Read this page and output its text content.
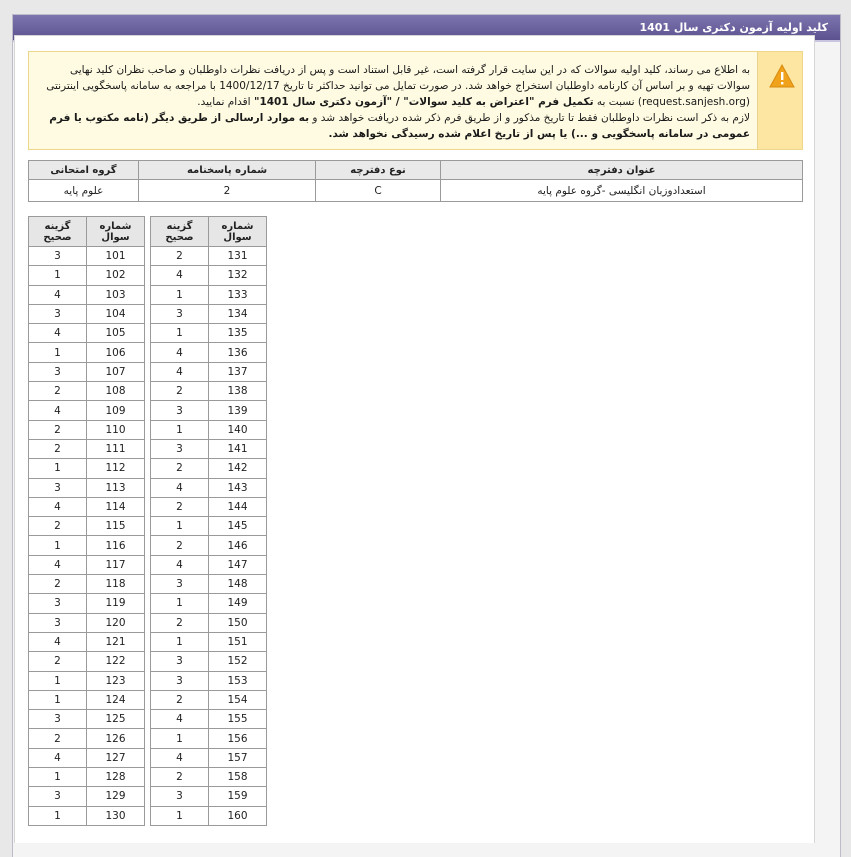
کلید اولیه آزمون دکتری سال 1401
به اطلاع می رساند، کلید اولیه سوالات که در این سایت قرار گرفته است، غیر قابل استناد است و پس از دریافت نظرات داوطلبان و صاحب نظران کلید نهایی سوالات تهیه و بر اساس آن کارنامه داوطلبان استخراج خواهد شد. در صورت تمایل می توانید حداکثر تا تاریخ 1400/12/17 با مراجعه به سامانه پاسخگویی اینترنتی (request.sanjesh.org) نسبت به تکمیل فرم "اعتراض به کلید سوالات" / "آزمون دکتری سال 1401" اقدام نمایید.
لازم به ذکر است نظرات داوطلبان فقط تا تاریخ مذکور و از طریق فرم ذکر شده دریافت خواهد شد و به موارد ارسالی از طریق دیگر (نامه مکتوب یا فرم عمومی در سامانه پاسخگویی و ...) یا پس از تاریخ اعلام شده رسیدگی نخواهد شد.
عنوان دفترچه	نوع دفترچه	شماره پاسخنامه	گروه امتحانی
استعدادوزبان انگلیسی -گروه علوم پایه	C	2	علوم پایه
شماره سوال	گزینه صحیح
131	2
132	4
133	1
134	3
135	1
136	4
137	4
138	2
139	3
140	1
141	3
142	2
143	4
144	2
145	1
146	2
147	4
148	3
149	1
150	2
151	1
152	3
153	3
154	2
155	4
156	1
157	4
158	2
159	3
160	1
شماره سوال	گزینه صحیح
101	3
102	1
103	4
104	3
105	4
106	1
107	3
108	2
109	4
110	2
111	2
112	1
113	3
114	4
115	2
116	1
117	4
118	2
119	3
120	3
121	4
122	2
123	1
124	1
125	3
126	2
127	4
128	1
129	3
130	1
